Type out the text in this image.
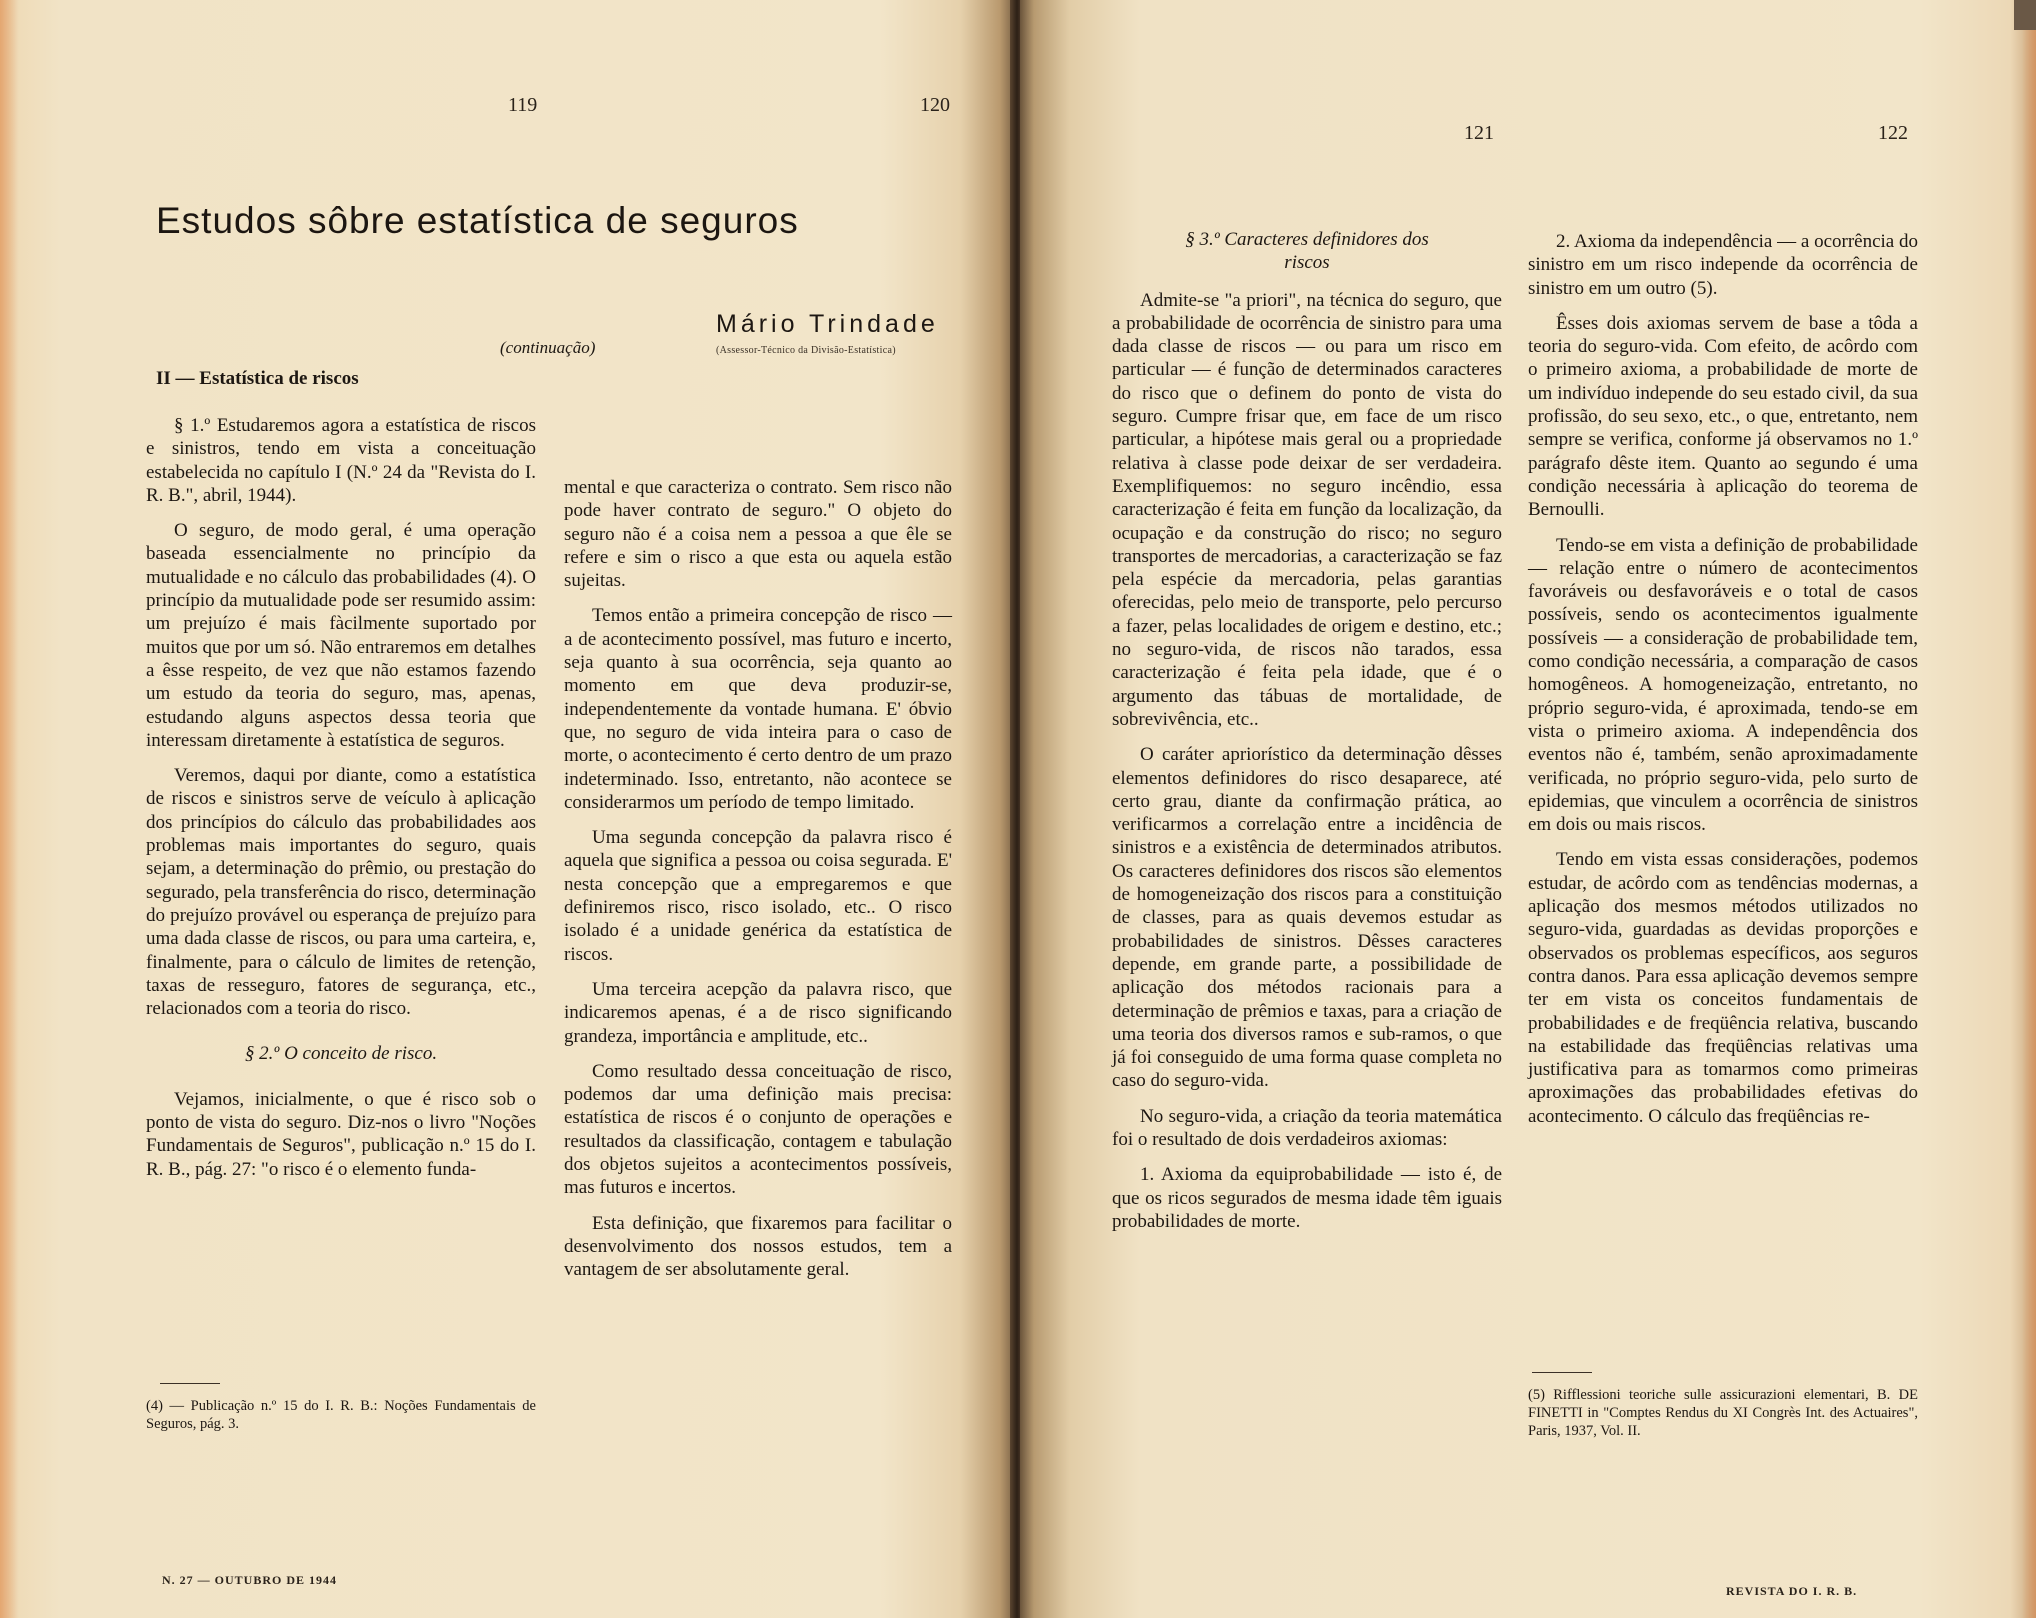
119	120
Estudos sôbre estatística de seguros
Mário Trindade
(Assessor-Técnico da Divisão-Estatística)
(continuação)
II — Estatística de riscos

§ 1.º Estudaremos agora a estatística de riscos e sinistros, tendo em vista a conceituação estabelecida no capítulo I (N.º 24 da "Revista do I. R. B.", abril, 1944).

O seguro, de modo geral, é uma operação baseada essencialmente no princípio da mutualidade e no cálculo das probabilidades (4). O princípio da mutualidade pode ser resumido assim: um prejuízo é mais fàcilmente suportado por muitos que por um só. Não entraremos em detalhes a êsse respeito, de vez que não estamos fazendo um estudo da teoria do seguro, mas, apenas, estudando alguns aspectos dessa teoria que interessam diretamente à estatística de seguros.

Veremos, daqui por diante, como a estatística de riscos e sinistros serve de veículo à aplicação dos princípios do cálculo das probabilidades aos problemas mais importantes do seguro, quais sejam, a determinação do prêmio, ou prestação do segurado, pela transferência do risco, determinação do prejuízo provável ou esperança de prejuízo para uma dada classe de riscos, ou para uma carteira, e, finalmente, para o cálculo de limites de retenção, taxas de resseguro, fatores de segurança, etc., relacionados com a teoria do risco.

§ 2.º O conceito de risco.

Vejamos, inicialmente, o que é risco sob o ponto de vista do seguro. Diz-nos o livro "Noções Fundamentais de Seguros", publicação n.º 15 do I. R. B., pág. 27: "o risco é o elemento funda-

(4) — Publicação n.º 15 do I. R. B.: Noções Fundamentais de Seguros, pág. 3.
N. 27 — OUTUBRO DE 1944

mental e que caracteriza o contrato. Sem risco não pode haver contrato de seguro." O objeto do seguro não é a coisa nem a pessoa a que êle se refere e sim o risco a que esta ou aquela estão sujeitas.

Temos então a primeira concepção de risco — a de acontecimento possível, mas futuro e incerto, seja quanto à sua ocorrência, seja quanto ao momento em que deva produzir-se, independentemente da vontade humana. E' óbvio que, no seguro de vida inteira para o caso de morte, o acontecimento é certo dentro de um prazo indeterminado. Isso, entretanto, não acontece se considerarmos um período de tempo limitado.

Uma segunda concepção da palavra risco é aquela que significa a pessoa ou coisa segurada. E' nesta concepção que a empregaremos e que definiremos risco, risco isolado, etc.. O risco isolado é a unidade genérica da estatística de riscos.

Uma terceira acepção da palavra risco, que indicaremos apenas, é a de risco significando grandeza, importância e amplitude, etc..

Como resultado dessa conceituação de risco, podemos dar uma definição mais precisa: estatística de riscos é o conjunto de operações e resultados da classificação, contagem e tabulação dos objetos sujeitos a acontecimentos possíveis, mas futuros e incertos.

Esta definição, que fixaremos para facilitar o desenvolvimento dos nossos estudos, tem a vantagem de ser absolutamente geral.

121	122

§ 3.º Caracteres definidores dos riscos

Admite-se "a priori", na técnica do seguro, que a probabilidade de ocorrência de sinistro para uma dada classe de riscos — ou para um risco em particular — é função de determinados caracteres do risco que o definem do ponto de vista do seguro. Cumpre frisar que, em face de um risco particular, a hipótese mais geral ou a propriedade relativa à classe pode deixar de ser verdadeira. Exemplifiquemos: no seguro incêndio, essa caracterização é feita em função da localização, da ocupação e da construção do risco; no seguro transportes de mercadorias, a caracterização se faz pela espécie da mercadoria, pelas garantias oferecidas, pelo meio de transporte, pelo percurso a fazer, pelas localidades de origem e destino, etc.; no seguro-vida, de riscos não tarados, essa caracterização é feita pela idade, que é o argumento das tábuas de mortalidade, de sobrevivência, etc..

O caráter apriorístico da determinação dêsses elementos definidores do risco desaparece, até certo grau, diante da confirmação prática, ao verificarmos a correlação entre a incidência de sinistros e a existência de determinados atributos. Os caracteres definidores dos riscos são elementos de homogeneização dos riscos para a constituição de classes, para as quais devemos estudar as probabilidades de sinistros. Dêsses caracteres depende, em grande parte, a possibilidade de aplicação dos métodos racionais para a determinação de prêmios e taxas, para a criação de uma teoria dos diversos ramos e sub-ramos, o que já foi conseguido de uma forma quase completa no caso do seguro-vida.

No seguro-vida, a criação da teoria matemática foi o resultado de dois verdadeiros axiomas:

1. Axioma da equiprobabilidade — isto é, de que os ricos segurados de mesma idade têm iguais probabilidades de morte.

2. Axioma da independência — a ocorrência do sinistro em um risco independe da ocorrência de sinistro em um outro (5).

Êsses dois axiomas servem de base a tôda a teoria do seguro-vida. Com efeito, de acôrdo com o primeiro axioma, a probabilidade de morte de um indivíduo independe do seu estado civil, da sua profissão, do seu sexo, etc., o que, entretanto, nem sempre se verifica, conforme já observamos no 1.º parágrafo dêste item. Quanto ao segundo é uma condição necessária à aplicação do teorema de Bernoulli.

Tendo-se em vista a definição de probabilidade — relação entre o número de acontecimentos favoráveis ou desfavoráveis e o total de casos possíveis, sendo os acontecimentos igualmente possíveis — a consideração de probabilidade tem, como condição necessária, a comparação de casos homogêneos. A homogeneização, entretanto, no próprio seguro-vida, é aproximada, tendo-se em vista o primeiro axioma. A independência dos eventos não é, também, senão aproximadamente verificada, no próprio seguro-vida, pelo surto de epidemias, que vinculem a ocorrência de sinistros em dois ou mais riscos.

Tendo em vista essas considerações, podemos estudar, de acôrdo com as tendências modernas, a aplicação dos mesmos métodos utilizados no seguro-vida, guardadas as devidas proporções e observados os problemas específicos, aos seguros contra danos. Para essa aplicação devemos sempre ter em vista os conceitos fundamentais de probabilidades e de freqüência relativa, buscando na estabilidade das freqüências relativas uma justificativa para as tomarmos como primeiras aproximações das probabilidades efetivas do acontecimento. O cálculo das freqüências re-

(5) Rifflessioni teoriche sulle assicurazioni elementari, B. DE FINETTI in "Comptes Rendus du XI Congrès Int. des Actuaires", Paris, 1937, Vol. II.
REVISTA DO I. R. B.
